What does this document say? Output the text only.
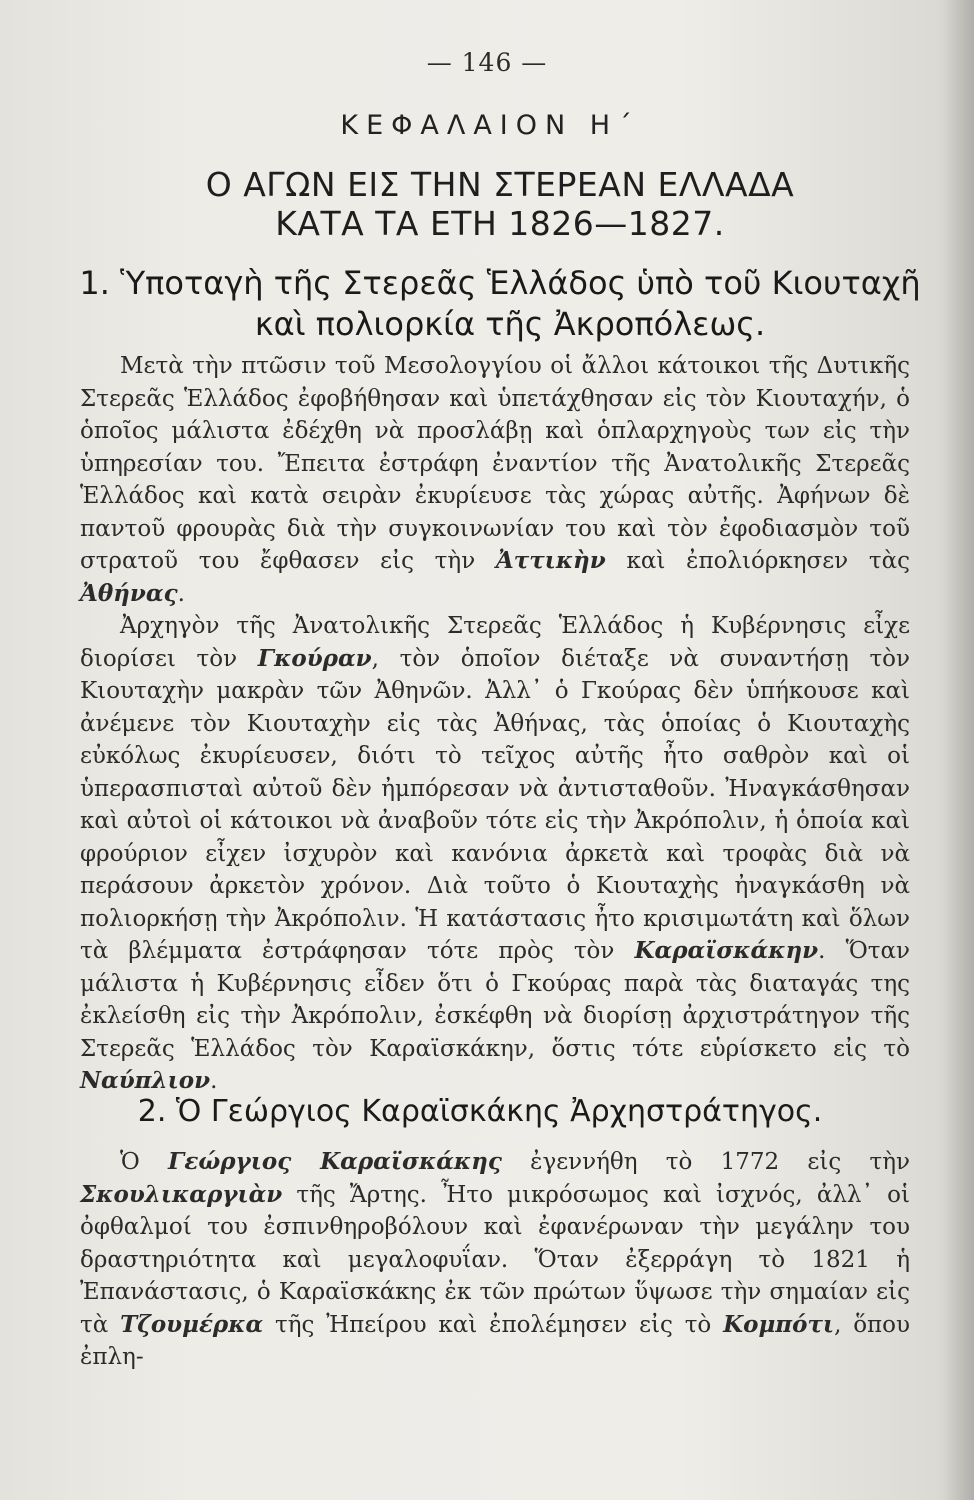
— 146 —
ΚΕΦΑΛΑΙΟΝ Η΄
Ο ΑΓΩΝ ΕΙΣ ΤΗΝ ΣΤΕΡΕΑΝ ΕΛΛΑΔΑ
ΚΑΤΑ ΤΑ ΕΤΗ 1826—1827.
1. Ὑποταγὴ τῆς Στερεᾶς Ἑλλάδος ὑπὸ τοῦ Κιουταχῆ
καὶ πολιορκία τῆς Ἀκροπόλεως.

Μετὰ τὴν πτῶσιν τοῦ Μεσολογγίου οἱ ἄλλοι κάτοικοι τῆς Δυτικῆς Στερεᾶς Ἑλλάδος ἐφοβήθησαν καὶ ὑπετάχθησαν εἰς τὸν Κιουταχήν, ὁ ὁποῖος μάλιστα ἐδέχθη νὰ προσλάβῃ καὶ ὁπλαρχηγοὺς των εἰς τὴν ὑπηρεσίαν του. Ἔπειτα ἐστράφη ἐναντίον τῆς Ἀνατολικῆς Στερεᾶς Ἑλλάδος καὶ κατὰ σειρὰν ἐκυρίευσε τὰς χώρας αὐτῆς. Ἀφήνων δὲ παντοῦ φρουρὰς διὰ τὴν συγκοινωνίαν του καὶ τὸν ἐφοδιασμὸν τοῦ στρατοῦ του ἔφθασεν εἰς τὴν Ἀττικὴν καὶ ἐπολιόρκησεν τὰς Ἀθήνας.

Ἀρχηγὸν τῆς Ἀνατολικῆς Στερεᾶς Ἑλλάδος ἡ Κυβέρνησις εἶχε διορίσει τὸν Γκούραν, τὸν ὁποῖον διέταξε νὰ συναντήσῃ τὸν Κιουταχὴν μακρὰν τῶν Ἀθηνῶν. Ἀλλ᾽ ὁ Γκούρας δὲν ὑπήκουσε καὶ ἀνέμενε τὸν Κιουταχὴν εἰς τὰς Ἀθήνας, τὰς ὁποίας ὁ Κιουταχὴς εὐκόλως ἐκυρίευσεν, διότι τὸ τεῖχος αὐτῆς ἦτο σαθρὸν καὶ οἱ ὑπερασπισταὶ αὐτοῦ δὲν ἠμπόρεσαν νὰ ἀντισταθοῦν. Ἠναγκάσθησαν καὶ αὐτοὶ οἱ κάτοικοι νὰ ἀναβοῦν τότε εἰς τὴν Ἀκρόπολιν, ἡ ὁποία καὶ φρούριον εἶχεν ἰσχυρὸν καὶ κανόνια ἀρκετὰ καὶ τροφὰς διὰ νὰ περάσουν ἀρκετὸν χρόνον. Διὰ τοῦτο ὁ Κιουταχὴς ἠναγκάσθη νὰ πολιορκήσῃ τὴν Ἀκρόπολιν. Ἡ κατάστασις ἦτο κρισιμωτάτη καὶ ὅλων τὰ βλέμματα ἐστράφησαν τότε πρὸς τὸν Καραϊσκάκην. Ὅταν μάλιστα ἡ Κυβέρνησις εἶδεν ὅτι ὁ Γκούρας παρὰ τὰς διαταγάς της ἐκλείσθη εἰς τὴν Ἀκρόπολιν, ἐσκέφθη νὰ διορίσῃ ἀρχιστράτηγον τῆς Στερεᾶς Ἑλλάδος τὸν Καραϊσκάκην, ὅστις τότε εὑρίσκετο εἰς τὸ Ναύπλιον.

2. Ὁ Γεώργιος Καραϊσκάκης Ἀρχηστράτηγος.

Ὁ Γεώργιος Καραϊσκάκης ἐγεννήθη τὸ 1772 εἰς τὴν Σκουλικαργιὰν τῆς Ἄρτης. Ἦτο μικρόσωμος καὶ ἰσχνός, ἀλλ᾽ οἱ ὀφθαλμοί του ἐσπινθηροβόλουν καὶ ἐφανέρωναν τὴν μεγάλην του δραστηριότητα καὶ μεγαλοφυΐαν. Ὅταν ἐξερράγη τὸ 1821 ἡ Ἐπανάστασις, ὁ Καραϊσκάκης ἐκ τῶν πρώτων ὕψωσε τὴν σημαίαν εἰς τὰ Τζουμέρκα τῆς Ἠπείρου καὶ ἐπολέμησεν εἰς τὸ Κομπότι, ὅπου ἐπλη-
